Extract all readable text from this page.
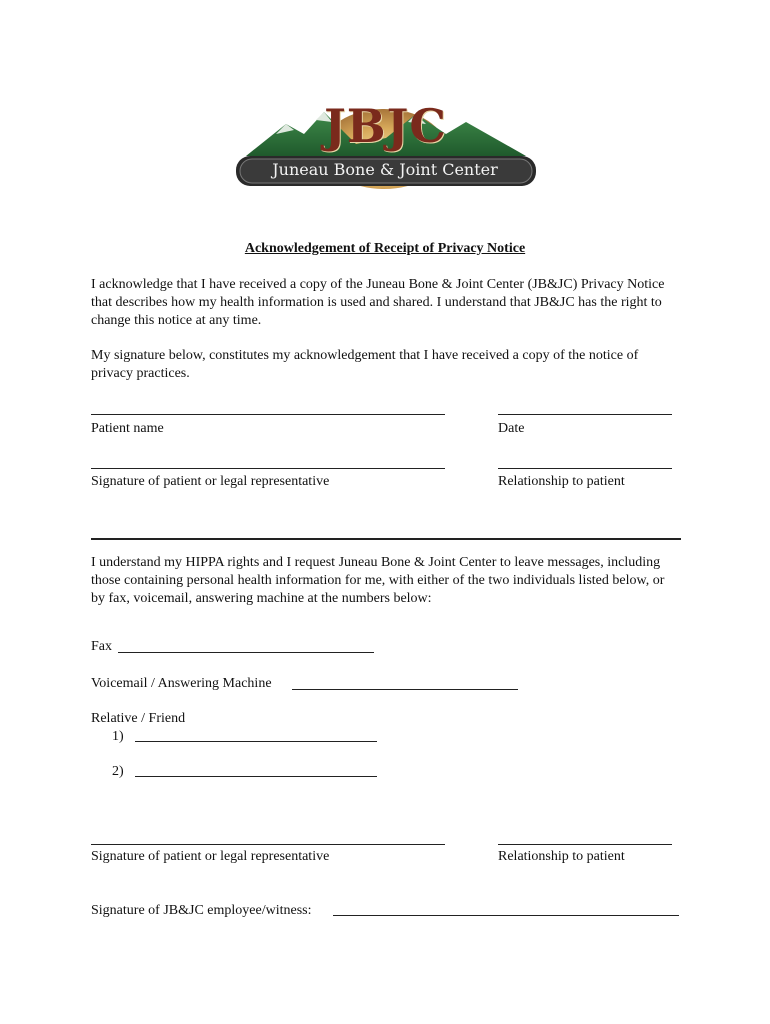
JBJC
Juneau Bone & Joint Center
Acknowledgement of Receipt of Privacy Notice
I acknowledge that I have received a copy of the Juneau Bone & Joint Center (JB&JC) Privacy Notice that describes how my health information is used and shared. I understand that JB&JC has the right to change this notice at any time.
My signature below, constitutes my acknowledgement that I have received a copy of the notice of privacy practices.
Patient name	Date
Signature of patient or legal representative	Relationship to patient
I understand my HIPPA rights and I request Juneau Bone & Joint Center to leave messages, including those containing personal health information for me, with either of the two individuals listed below, or by fax, voicemail, answering machine at the numbers below:
Fax
Voicemail / Answering Machine
Relative / Friend
1)
2)
Signature of patient or legal representative	Relationship to patient
Signature of JB&JC employee/witness:
